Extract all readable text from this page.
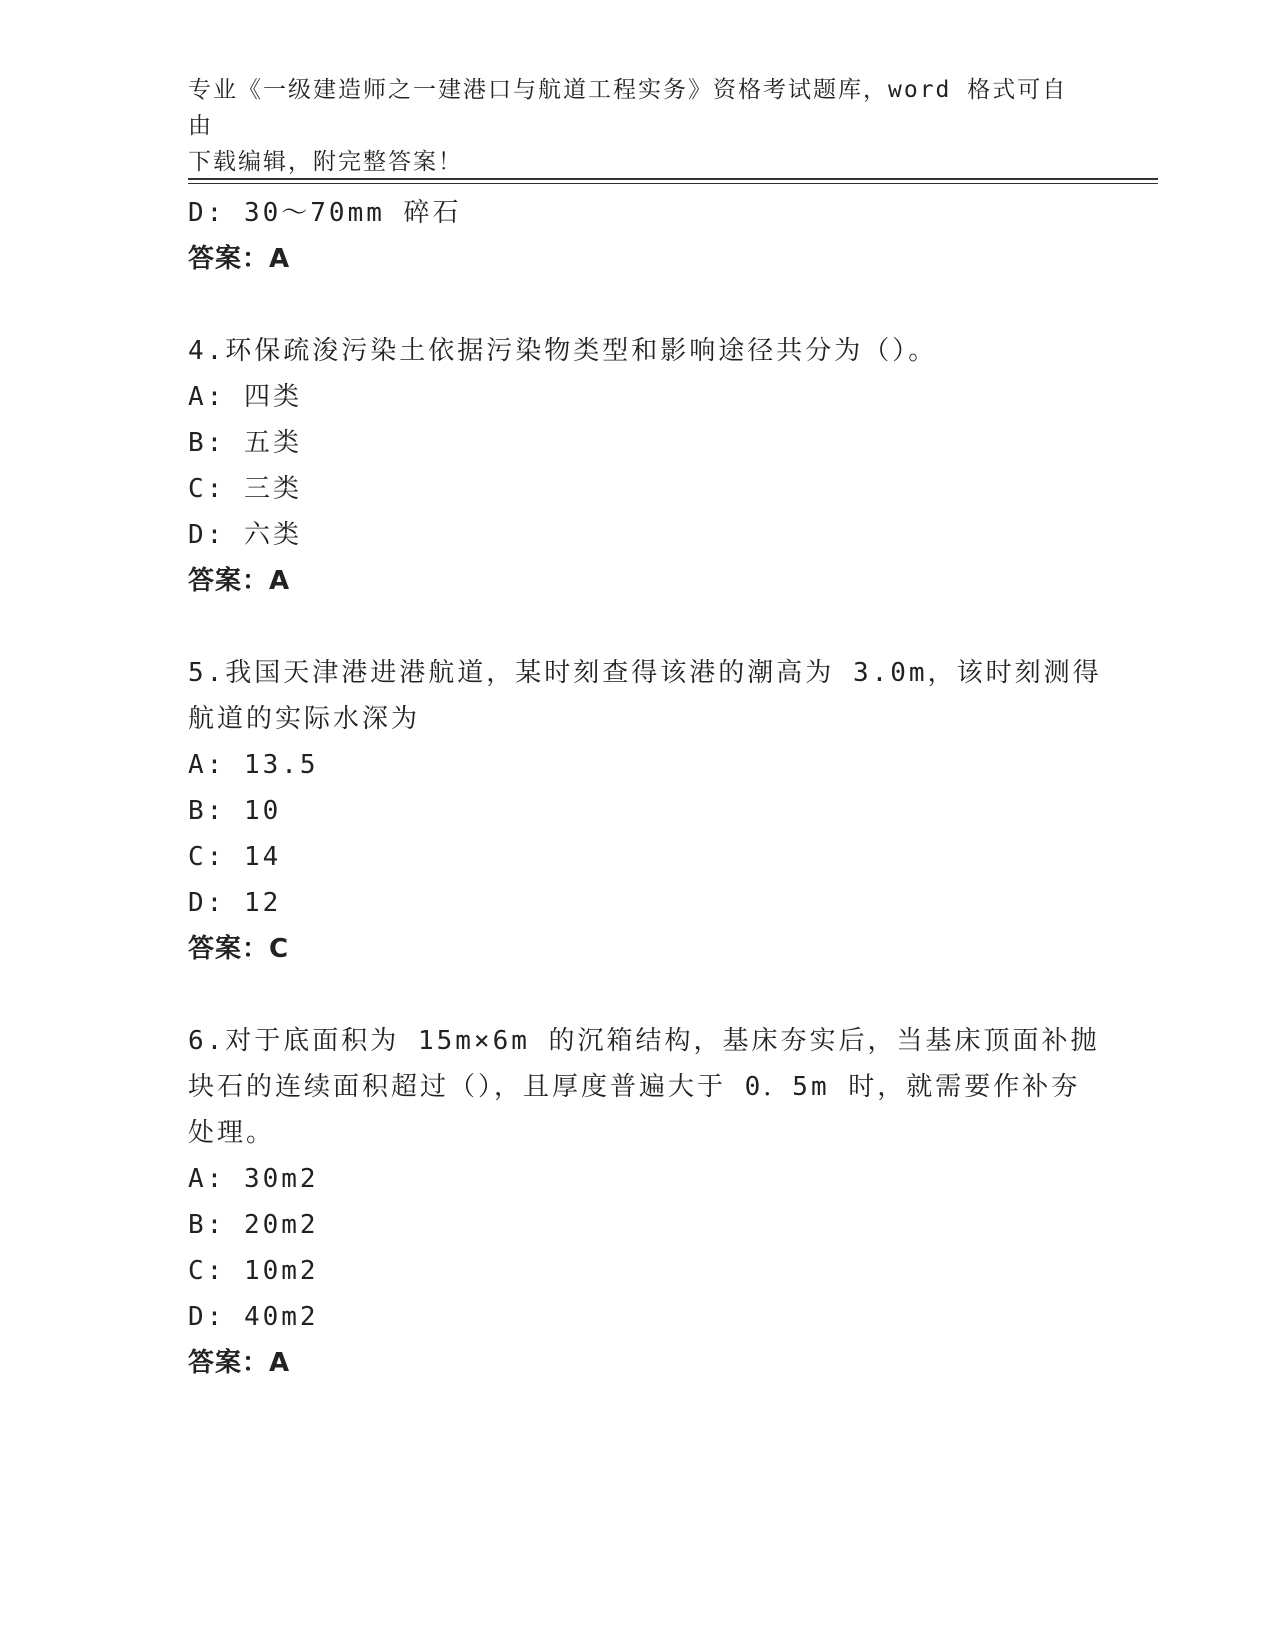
专业《一级建造师之一建港口与航道工程实务》资格考试题库，word 格式可自由
下载编辑，附完整答案！
D: 30～70mm 碎石
答案：A
4.环保疏浚污染土依据污染物类型和影响途径共分为（）。
A: 四类
B: 五类
C: 三类
D: 六类
答案：A
5.我国天津港进港航道，某时刻查得该港的潮高为 3.0m，该时刻测得
航道的实际水深为
A: 13.5
B: 10
C: 14
D: 12
答案：C
6.对于底面积为 15m×6m 的沉箱结构，基床夯实后，当基床顶面补抛
块石的连续面积超过（），且厚度普遍大于 0．5m 时，就需要作补夯
处理。
A: 30m2
B: 20m2
C: 10m2
D: 40m2
答案：A
